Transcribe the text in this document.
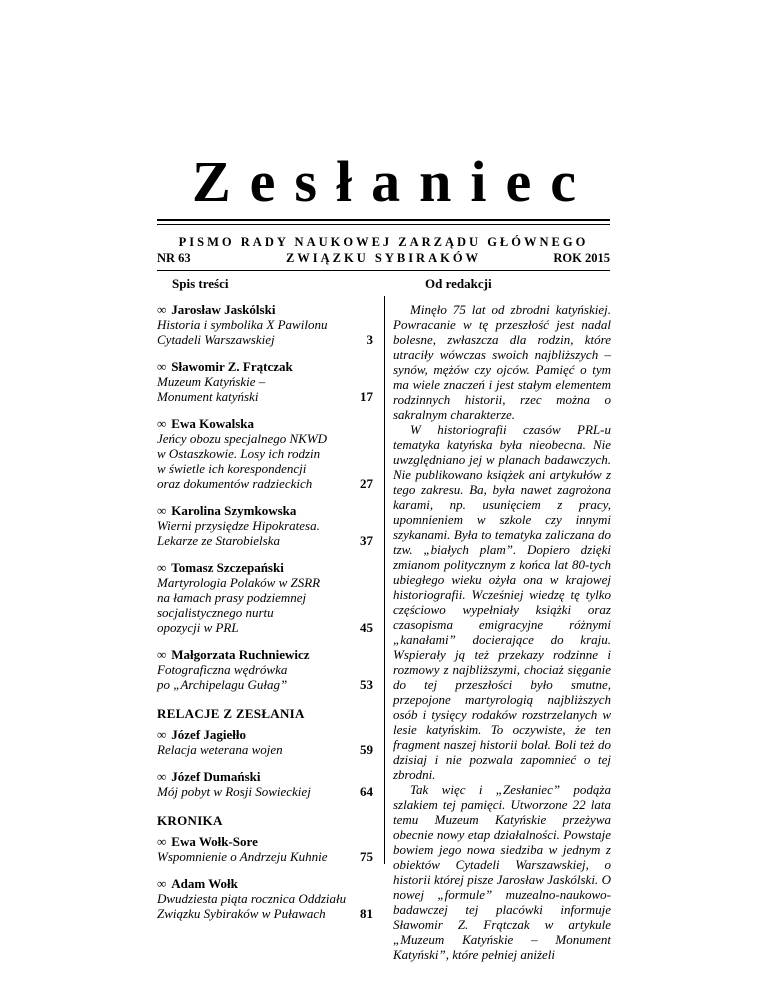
Zesłaniec
PISMO RADY NAUKOWEJ ZARZĄDU GŁÓWNEGO
NR 63	ZWIĄZKU SYBIRAKÓW	ROK 2015
Spis treści	Od redakcji
∞ Jarosław Jaskólski
Historia i symbolika X Pawilonu
Cytadeli Warszawskiej	3
∞ Sławomir Z. Frątczak
Muzeum Katyńskie –
Monument katyński	17
∞ Ewa Kowalska
Jeńcy obozu specjalnego NKWD
w Ostaszkowie. Losy ich rodzin
w świetle ich korespondencji
oraz dokumentów radzieckich	27
∞ Karolina Szymkowska
Wierni przysiędze Hipokratesa.
Lekarze ze Starobielska	37
∞ Tomasz Szczepański
Martyrologia Polaków w ZSRR
na łamach prasy podziemnej
socjalistycznego nurtu
opozycji w PRL	45
∞ Małgorzata Ruchniewicz
Fotograficzna wędrówka
po „Archipelagu Gułag”	53
RELACJE Z ZESŁANIA
∞ Józef Jagiełło
Relacja weterana wojen	59
∞ Józef Dumański
Mój pobyt w Rosji Sowieckiej	64
KRONIKA
∞ Ewa Wołk-Sore
Wspomnienie o Andrzeju Kuhnie	75
∞ Adam Wołk
Dwudziesta piąta rocznica Oddziału
Związku Sybiraków w Puławach	81

Minęło 75 lat od zbrodni katyńskiej. Powracanie w tę przeszłość jest nadal bolesne, zwłaszcza dla rodzin, które utraciły wówczas swoich najbliższych – synów, mężów czy ojców. Pamięć o tym ma wiele znaczeń i jest stałym elementem rodzinnych historii, rzec można o sakralnym charakterze.

W historiografii czasów PRL-u tematyka katyńska była nieobecna. Nie uwzględniano jej w planach badawczych. Nie publikowano książek ani artykułów z tego zakresu. Ba, była nawet zagrożona karami, np. usunięciem z pracy, upomnieniem w szkole czy innymi szykanami. Była to tematyka zaliczana do tzw. „białych plam”. Dopiero dzięki zmianom politycznym z końca lat 80-tych ubiegłego wieku ożyła ona w krajowej historiografii. Wcześniej wiedzę tę tylko częściowo wypełniały książki oraz czasopisma emigracyjne różnymi „kanałami” docierające do kraju. Wspierały ją też przekazy rodzinne i rozmowy z najbliższymi, chociaż sięganie do tej przeszłości było smutne, przepojone martyrologią najbliższych osób i tysięcy rodaków rozstrzelanych w lesie katyńskim. To oczywiste, że ten fragment naszej historii bolał. Boli też do dzisiaj i nie pozwala zapomnieć o tej zbrodni.

Tak więc i „Zesłaniec” podąża szlakiem tej pamięci. Utworzone 22 lata temu Muzeum Katyńskie przeżywa obecnie nowy etap działalności. Powstaje bowiem jego nowa siedziba w jednym z obiektów Cytadeli Warszawskiej, o historii której pisze Jarosław Jaskólski. O nowej „formule” muzealno-naukowo-badawczej tej placówki informuje Sławomir Z. Frątczak w artykule „Muzeum Katyńskie – Monument Katyński”, które pełniej aniżeli
